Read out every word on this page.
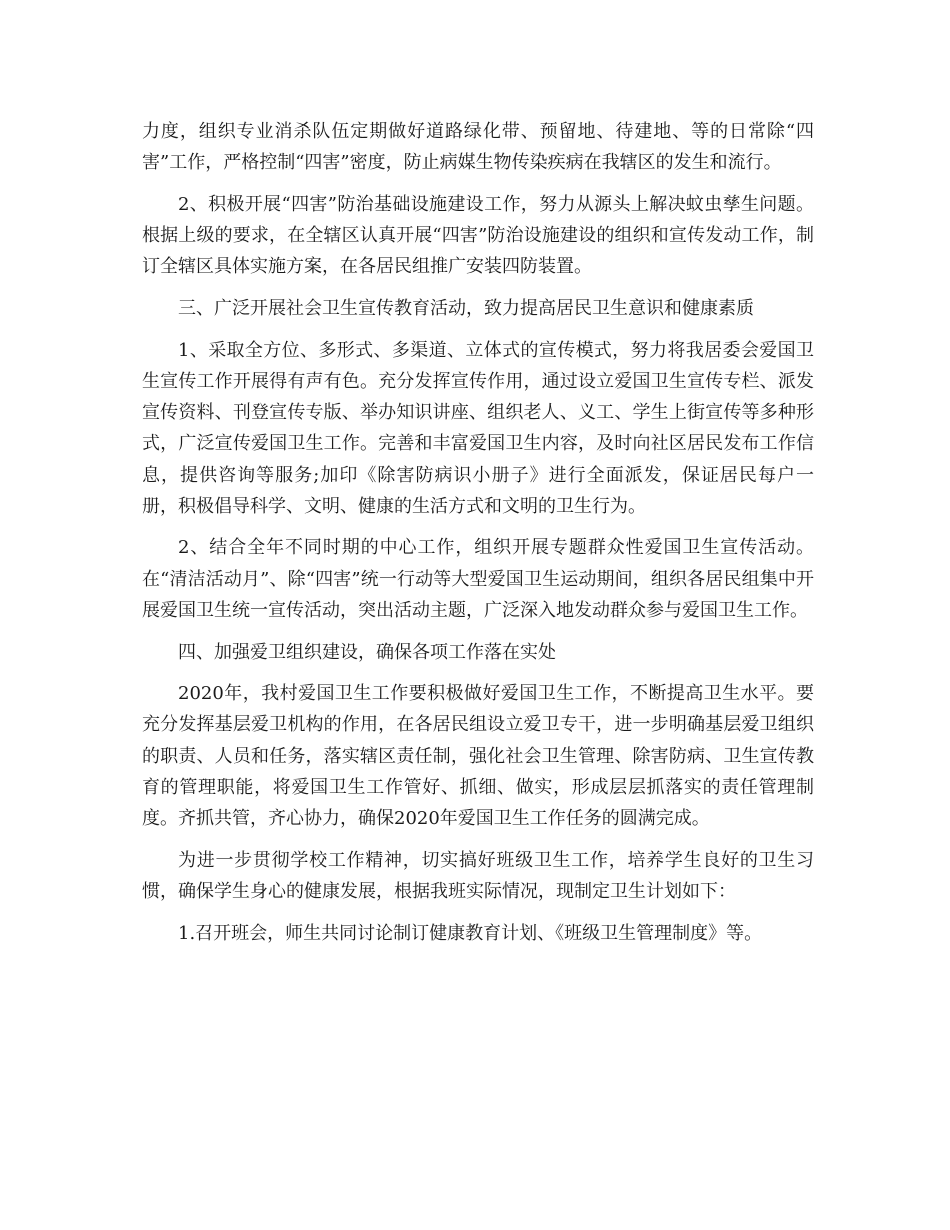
力度，组织专业消杀队伍定期做好道路绿化带、预留地、待建地、等的日常除“四害”工作，严格控制“四害”密度，防止病媒生物传染疾病在我辖区的发生和流行。

2、积极开展“四害”防治基础设施建设工作，努力从源头上解决蚊虫孳生问题。根据上级的要求，在全辖区认真开展“四害”防治设施建设的组织和宣传发动工作，制订全辖区具体实施方案，在各居民组推广安装四防装置。

三、广泛开展社会卫生宣传教育活动，致力提高居民卫生意识和健康素质

1、采取全方位、多形式、多渠道、立体式的宣传模式，努力将我居委会爱国卫生宣传工作开展得有声有色。充分发挥宣传作用，通过设立爱国卫生宣传专栏、派发宣传资料、刊登宣传专版、举办知识讲座、组织老人、义工、学生上街宣传等多种形式，广泛宣传爱国卫生工作。完善和丰富爱国卫生内容，及时向社区居民发布工作信息，提供咨询等服务;加印《除害防病识小册子》进行全面派发，保证居民每户一册，积极倡导科学、文明、健康的生活方式和文明的卫生行为。

2、结合全年不同时期的中心工作，组织开展专题群众性爱国卫生宣传活动。在“清洁活动月”、除“四害”统一行动等大型爱国卫生运动期间，组织各居民组集中开展爱国卫生统一宣传活动，突出活动主题，广泛深入地发动群众参与爱国卫生工作。

四、加强爱卫组织建设，确保各项工作落在实处

2020年，我村爱国卫生工作要积极做好爱国卫生工作，不断提高卫生水平。要充分发挥基层爱卫机构的作用，在各居民组设立爱卫专干，进一步明确基层爱卫组织的职责、人员和任务，落实辖区责任制，强化社会卫生管理、除害防病、卫生宣传教育的管理职能，将爱国卫生工作管好、抓细、做实，形成层层抓落实的责任管理制度。齐抓共管，齐心协力，确保2020年爱国卫生工作任务的圆满完成。

为进一步贯彻学校工作精神，切实搞好班级卫生工作，培养学生良好的卫生习惯，确保学生身心的健康发展，根据我班实际情况，现制定卫生计划如下：

1.召开班会，师生共同讨论制订健康教育计划、《班级卫生管理制度》等。
